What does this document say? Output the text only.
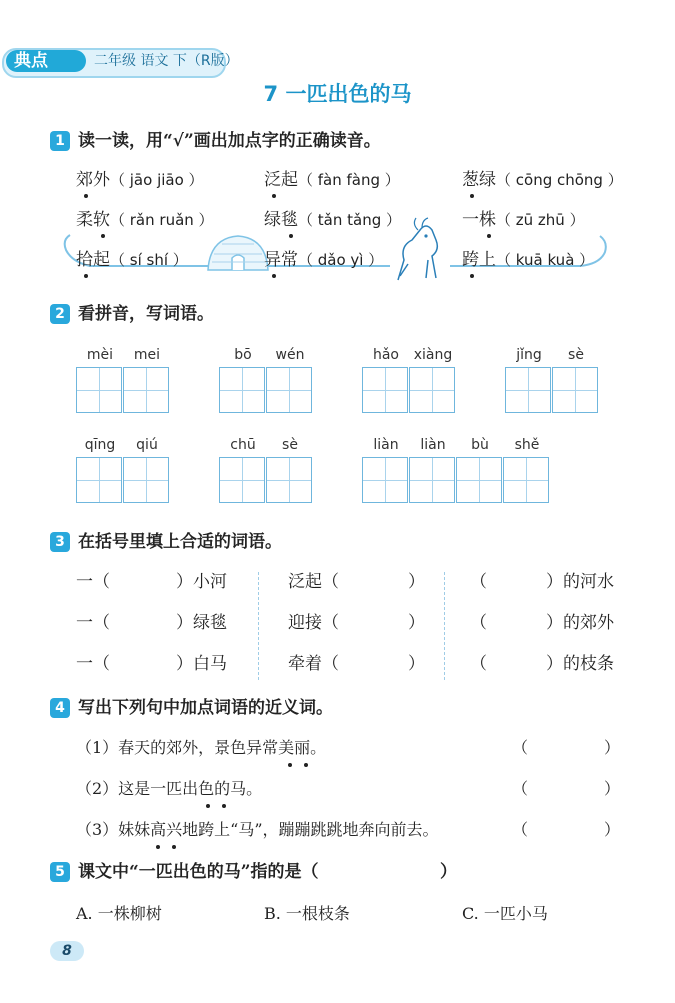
典点	二年级 语文 下（R版）
7 一匹出色的马
1 读一读，用“√”画出加点字的正确读音。
郊外（ jāo jiāo ）	泛起（ fàn fàng ）	葱绿（ cōng chōng ）
柔软（ rǎn ruǎn ）	绿毯（ tǎn tǎng ）	一株（ zū zhū ）
拾起（ sí shí ）	异常（ dǎo yì ）	跨上（ kuā kuà ）
2 看拼音，写词语。
mèi	mei	bō	wén	hǎo	xiàng	jǐng	sè
qīng	qiú	chū	sè	liàn	liàn	bù	shě
3 在括号里填上合适的词语。
一（	）小河	泛起（	）	（	）的河水
一（	）绿毯	迎接（	）	（	）的郊外
一（	）白马	牵着（	）	（	）的枝条
4 写出下列句中加点词语的近义词。
（1）春天的郊外，景色异常美丽。	（	）
（2）这是一匹出色的马。	（	）
（3）妹妹高兴地跨上“马”，蹦蹦跳跳地奔向前去。	（	）
5 课文中“一匹出色的马”指的是（	）
A. 一株柳树	B. 一根枝条	C. 一匹小马
8
